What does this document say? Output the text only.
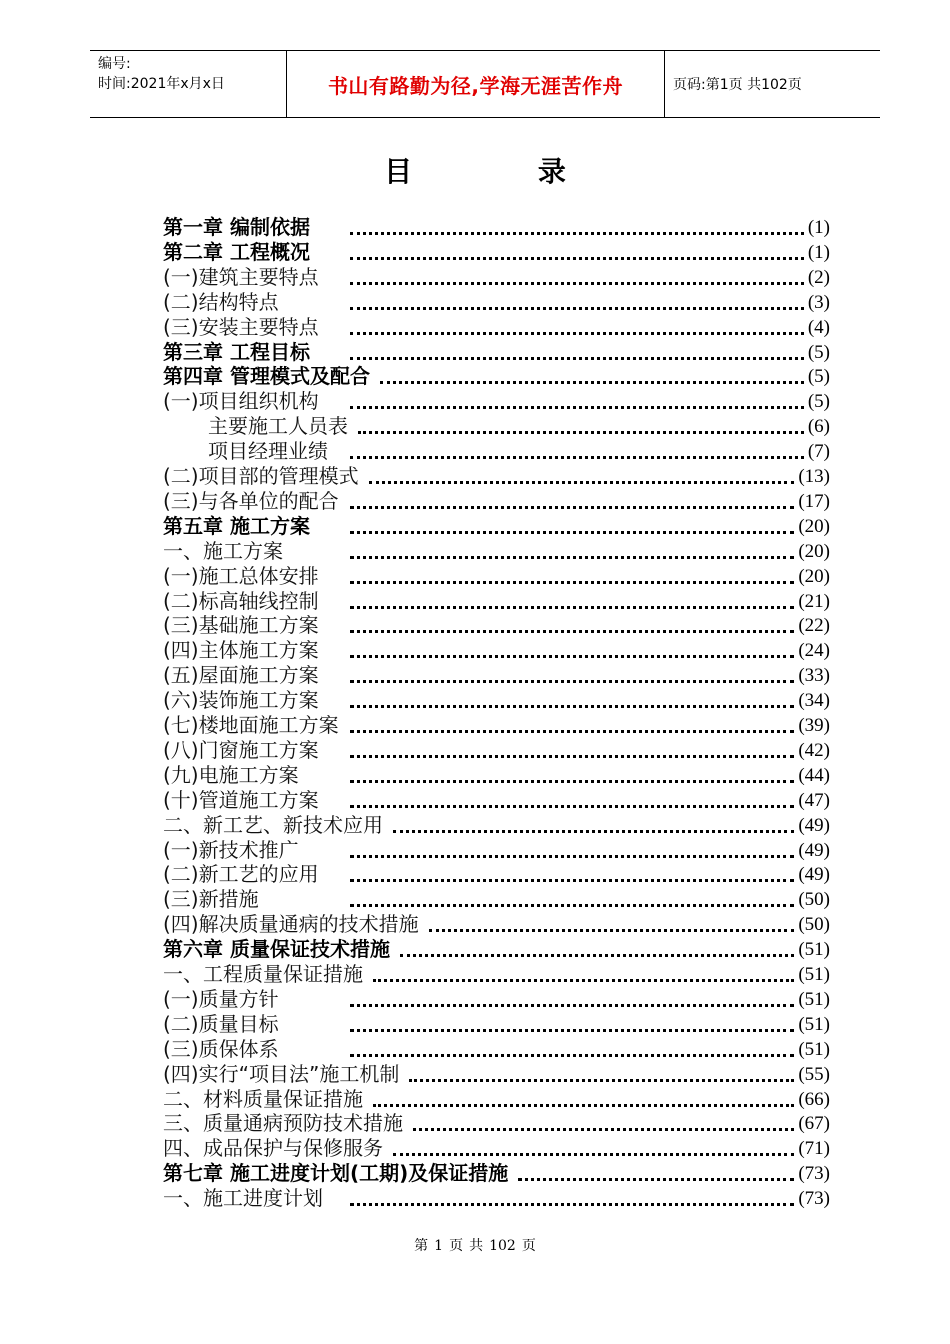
编号:
时间:2021年x月x日	书山有路勤为径,学海无涯苦作舟	页码:第1页 共102页
目 录
第一章 编制依据	(1)
第二章 工程概况	(1)
(一)建筑主要特点	(2)
(二)结构特点	(3)
(三)安装主要特点	(4)
第三章 工程目标	(5)
第四章 管理模式及配合	(5)
(一)项目组织机构	(5)
主要施工人员表	(6)
项目经理业绩	(7)
(二)项目部的管理模式	(13)
(三)与各单位的配合	(17)
第五章 施工方案	(20)
一、施工方案	(20)
(一)施工总体安排	(20)
(二)标高轴线控制	(21)
(三)基础施工方案	(22)
(四)主体施工方案	(24)
(五)屋面施工方案	(33)
(六)装饰施工方案	(34)
(七)楼地面施工方案	(39)
(八)门窗施工方案	(42)
(九)电施工方案	(44)
(十)管道施工方案	(47)
二、新工艺、新技术应用	(49)
(一)新技术推广	(49)
(二)新工艺的应用	(49)
(三)新措施	(50)
(四)解决质量通病的技术措施	(50)
第六章 质量保证技术措施	(51)
一、工程质量保证措施	(51)
(一)质量方针	(51)
(二)质量目标	(51)
(三)质保体系	(51)
(四)实行“项目法”施工机制	(55)
二、材料质量保证措施	(66)
三、质量通病预防技术措施	(67)
四、成品保护与保修服务	(71)
第七章 施工进度计划(工期)及保证措施	(73)
一、施工进度计划	(73)
第 1 页 共 102 页
